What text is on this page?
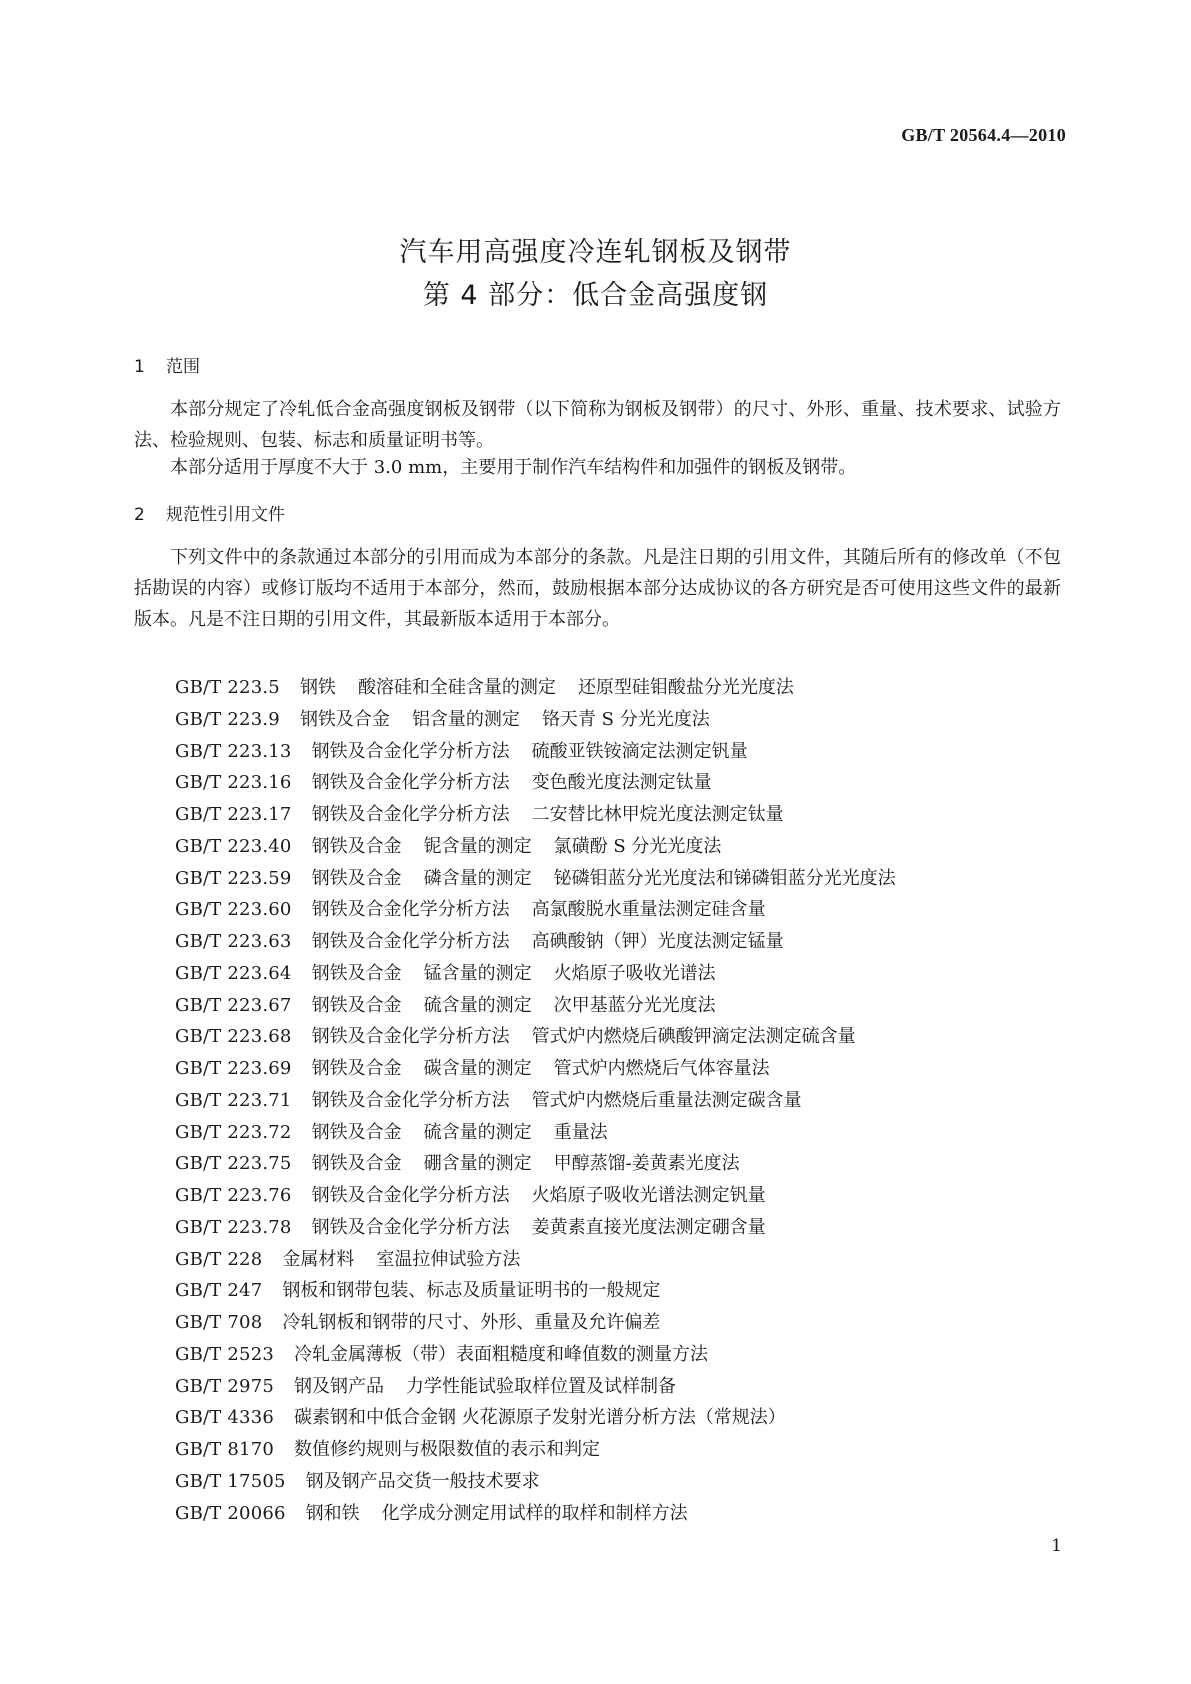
GB/T 20564.4—2010
汽车用高强度冷连轧钢板及钢带
第 4 部分：低合金高强度钢
1 范围

本部分规定了冷轧低合金高强度钢板及钢带（以下简称为钢板及钢带）的尺寸、外形、重量、技术要求、试验方法、检验规则、包装、标志和质量证明书等。

本部分适用于厚度不大于 3.0 mm，主要用于制作汽车结构件和加强件的钢板及钢带。

2 规范性引用文件

下列文件中的条款通过本部分的引用而成为本部分的条款。凡是注日期的引用文件，其随后所有的修改单（不包括勘误的内容）或修订版均不适用于本部分，然而，鼓励根据本部分达成协议的各方研究是否可使用这些文件的最新版本。凡是不注日期的引用文件，其最新版本适用于本部分。

GB/T 223.5 钢铁 酸溶硅和全硅含量的测定 还原型硅钼酸盐分光光度法
GB/T 223.9 钢铁及合金 铝含量的测定 铬天青 S 分光光度法
GB/T 223.13 钢铁及合金化学分析方法 硫酸亚铁铵滴定法测定钒量
GB/T 223.16 钢铁及合金化学分析方法 变色酸光度法测定钛量
GB/T 223.17 钢铁及合金化学分析方法 二安替比林甲烷光度法测定钛量
GB/T 223.40 钢铁及合金 铌含量的测定 氯磺酚 S 分光光度法
GB/T 223.59 钢铁及合金 磷含量的测定 铋磷钼蓝分光光度法和锑磷钼蓝分光光度法
GB/T 223.60 钢铁及合金化学分析方法 高氯酸脱水重量法测定硅含量
GB/T 223.63 钢铁及合金化学分析方法 高碘酸钠（钾）光度法测定锰量
GB/T 223.64 钢铁及合金 锰含量的测定 火焰原子吸收光谱法
GB/T 223.67 钢铁及合金 硫含量的测定 次甲基蓝分光光度法
GB/T 223.68 钢铁及合金化学分析方法 管式炉内燃烧后碘酸钾滴定法测定硫含量
GB/T 223.69 钢铁及合金 碳含量的测定 管式炉内燃烧后气体容量法
GB/T 223.71 钢铁及合金化学分析方法 管式炉内燃烧后重量法测定碳含量
GB/T 223.72 钢铁及合金 硫含量的测定 重量法
GB/T 223.75 钢铁及合金 硼含量的测定 甲醇蒸馏-姜黄素光度法
GB/T 223.76 钢铁及合金化学分析方法 火焰原子吸收光谱法测定钒量
GB/T 223.78 钢铁及合金化学分析方法 姜黄素直接光度法测定硼含量
GB/T 228 金属材料 室温拉伸试验方法
GB/T 247 钢板和钢带包装、标志及质量证明书的一般规定
GB/T 708 冷轧钢板和钢带的尺寸、外形、重量及允许偏差
GB/T 2523 冷轧金属薄板（带）表面粗糙度和峰值数的测量方法
GB/T 2975 钢及钢产品 力学性能试验取样位置及试样制备
GB/T 4336 碳素钢和中低合金钢 火花源原子发射光谱分析方法（常规法）
GB/T 8170 数值修约规则与极限数值的表示和判定
GB/T 17505 钢及钢产品交货一般技术要求
GB/T 20066 钢和铁 化学成分测定用试样的取样和制样方法
1
